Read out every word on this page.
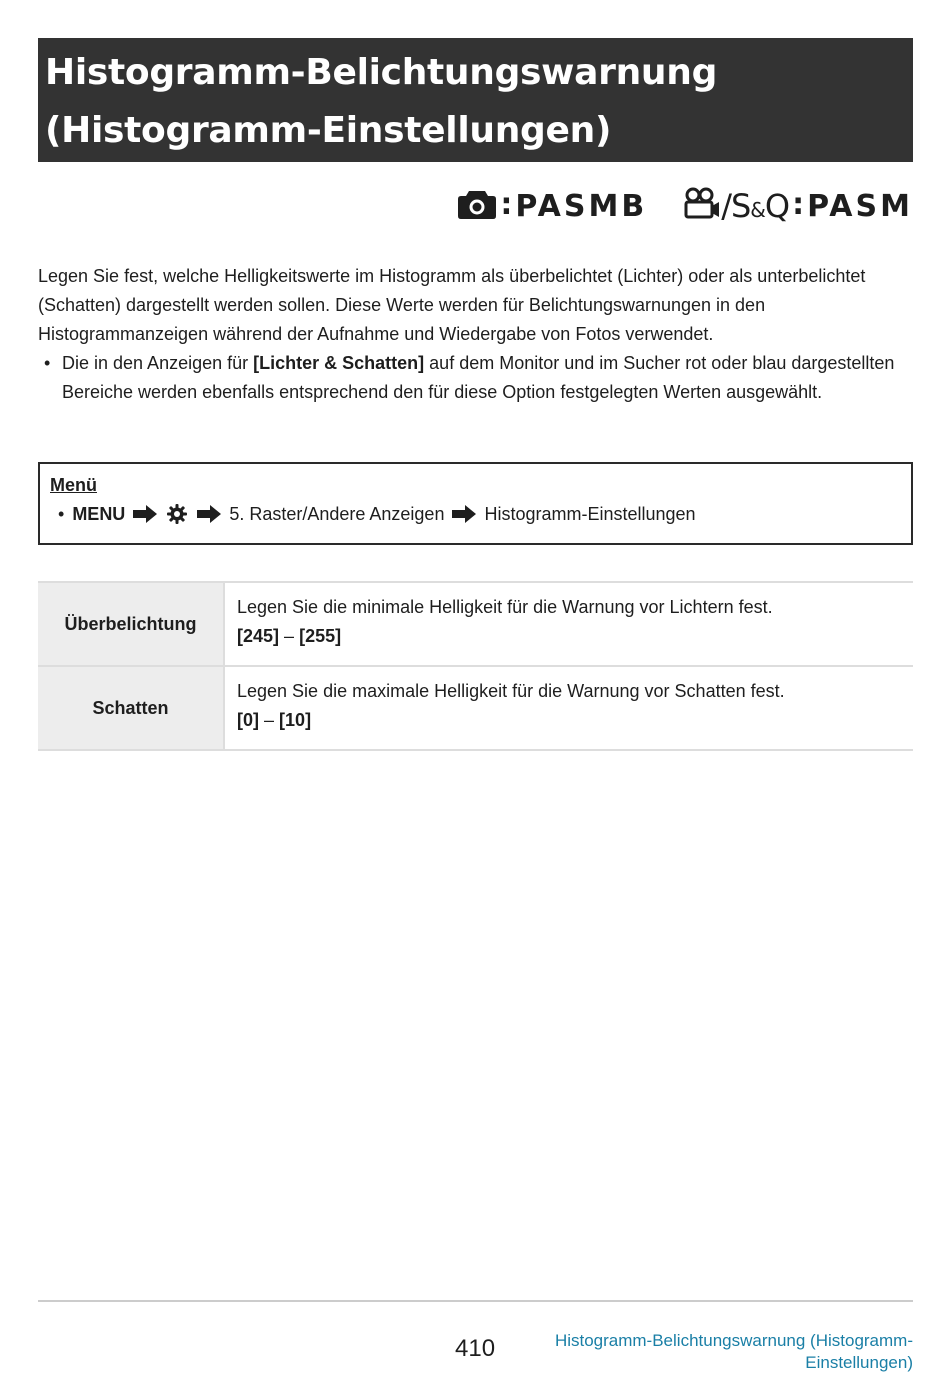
Histogramm-Belichtungswarnung
(Histogramm-Einstellungen)
: PASMB /S&Q : PASM

Legen Sie fest, welche Helligkeitswerte im Histogramm als überbelichtet (Lichter) oder als unterbelichtet (Schatten) dargestellt werden sollen. Diese Werte werden für Belichtungswarnungen in den Histogrammanzeigen während der Aufnahme und Wiedergabe von Fotos verwendet.

• Die in den Anzeigen für [Lichter & Schatten] auf dem Monitor und im Sucher rot oder blau dargestellten Bereiche werden ebenfalls entsprechend den für diese Option festgelegten Werten ausgewählt.
Menü
• MENU	5. Raster/Andere Anzeigen Histogramm-Einstellungen
Überbelichtung	Legen Sie die minimale Helligkeit für die Warnung vor Lichtern fest.
[245] – [255]

Schatten	Legen Sie die maximale Helligkeit für die Warnung vor Schatten fest.
[0] – [10]
410	Histogramm-Belichtungswarnung (Histogramm-Einstellungen)
